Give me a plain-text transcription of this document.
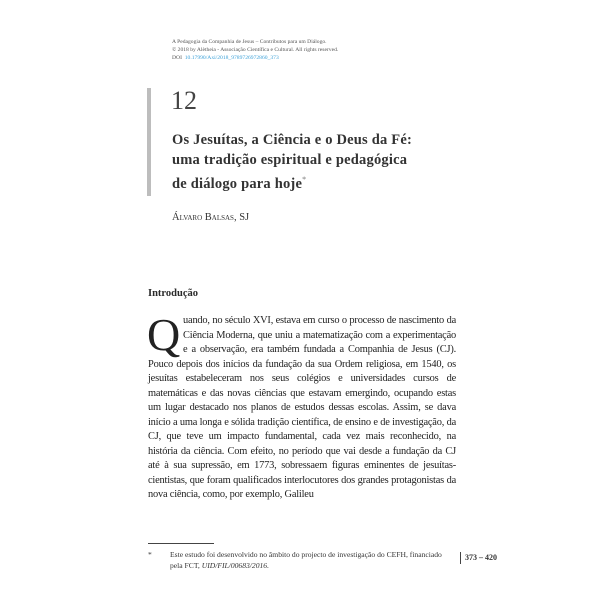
A Pedagogia da Companhia de Jesus – Contributos para um Diálogo.
© 2018 by Alètheia - Associação Científica e Cultural. All rights reserved.
DOI 10.17990/Axi/2018_9789726972860_373
12
Os Jesuítas, a Ciência e o Deus da Fé:
uma tradição espiritual e pedagógica
de diálogo para hoje*
Álvaro Balsas, SJ
Introdução
Quando, no século XVI, estava em curso o processo de nascimento da Ciência Moderna, que uniu a matematização com a experimentação e a observação, era também fundada a Companhia de Jesus (CJ). Pouco depois dos inícios da fundação da sua Ordem religiosa, em 1540, os jesuítas estabeleceram nos seus colégios e universidades cursos de matemáticas e das novas ciências que estavam emergindo, ocupando estas um lugar destacado nos planos de estudos dessas escolas. Assim, se dava início a uma longa e sólida tradição científica, de ensino e de investigação, da CJ, que teve um impacto fundamental, cada vez mais reconhecido, na história da ciência. Com efeito, no período que vai desde a fundação da CJ até à sua supressão, em 1773, sobressaem figuras eminentes de jesuítas-cientistas, que foram qualificados interlocutores dos grandes protagonistas da nova ciência, como, por exemplo, Galileu
* Este estudo foi desenvolvido no âmbito do projecto de investigação do CEFH, financiado pela FCT, UID/FIL/00683/2016.
373 – 420
